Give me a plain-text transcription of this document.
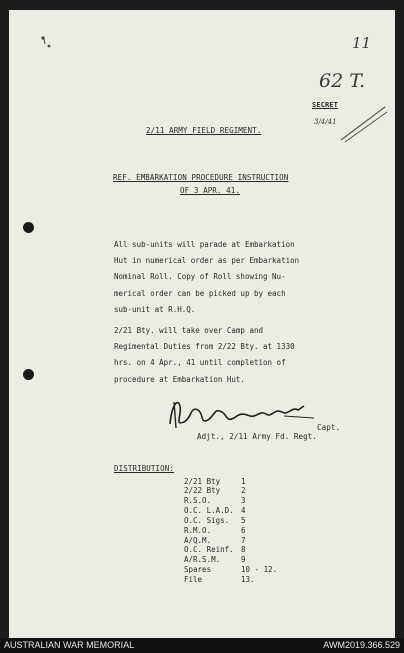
11
62 T.
SECRET
3/4/41
2/11 ARMY FIELD REGIMENT.
REF. EMBARKATION PROCEDURE INSTRUCTION
OF 3 APR. 41.
All sub-units will parade at Embarkation
Hut in numerical order as per Embarkation
Nominal Roll. Copy of Roll showing Nu-
merical order can be picked up by each
sub-unit at R.H.Q.
2/21 Bty. will take over Camp and
Regimental Duties from 2/22 Bty. at 1330
hrs. on 4 Apr., 41 until completion of
procedure at Embarkation Hut.
Capt.
Adjt., 2/11 Army Fd. Regt.
DISTRIBUTION:
2/21 Bty	1
2/22 Bty	2
R.S.O.	3
O.C. L.A.D. 4
O.C. Sigs. 5
R.M.O.	6
A/Q.M.	7
O.C. Reinf. 8
A/R.S.M.	9
Spares	10 - 12.
File	13.
AUSTRALIAN WAR MEMORIAL	AWM2019.366.529
